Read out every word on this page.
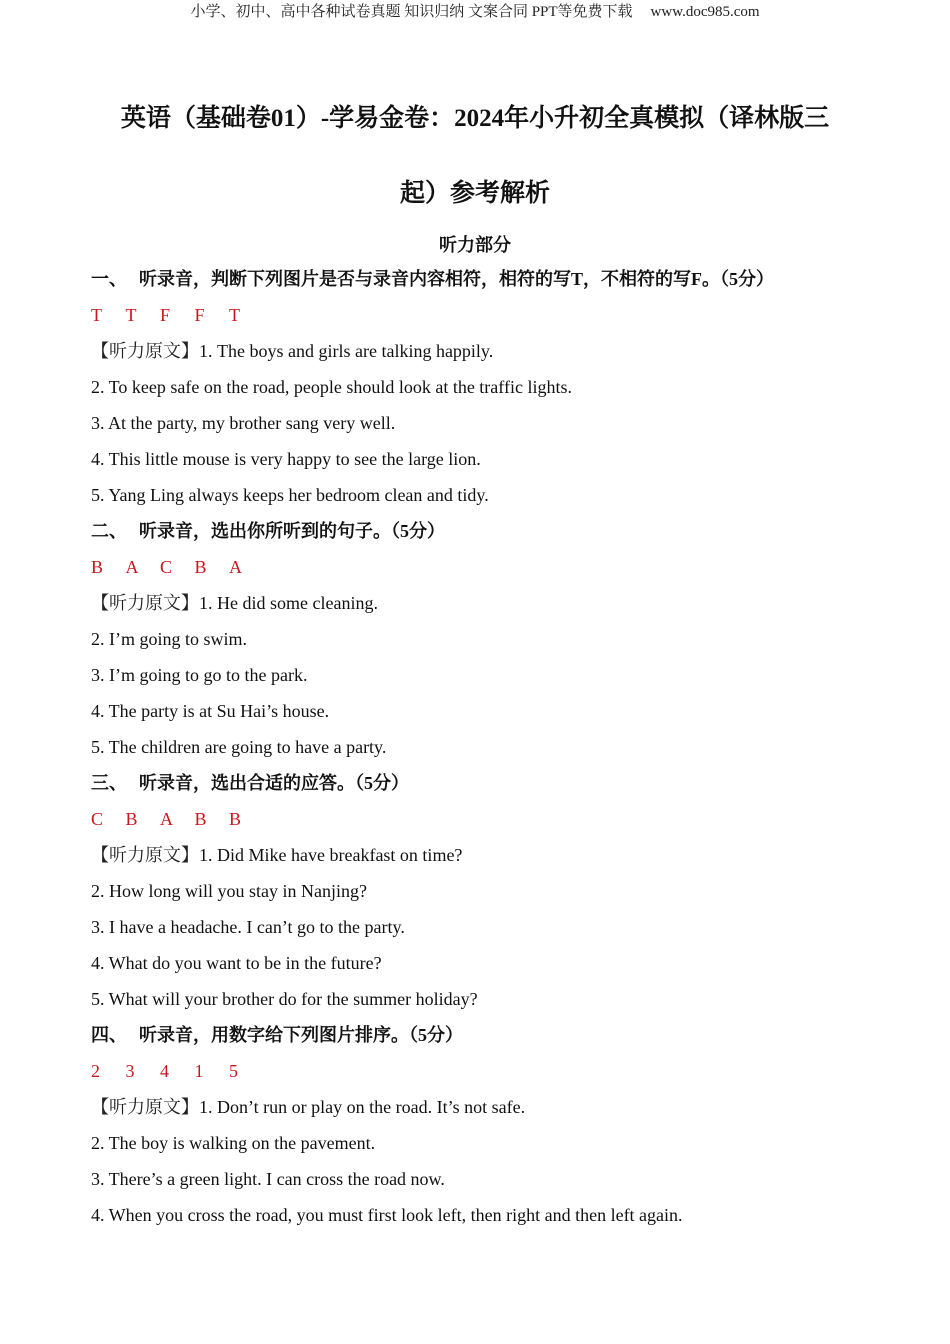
小学、初中、高中各种试卷真题 知识归纳 文案合同 PPT等免费下载 www.doc985.com
英语（基础卷01）-学易金卷：2024年小升初全真模拟（译林版三
起）参考解析
听力部分
一、 听录音，判断下列图片是否与录音内容相符，相符的写T，不相符的写F。（5分）
T T F F T
【听力原文】1. The boys and girls are talking happily.
2. To keep safe on the road, people should look at the traffic lights.
3. At the party, my brother sang very well.
4. This little mouse is very happy to see the large lion.
5. Yang Ling always keeps her bedroom clean and tidy.
二、 听录音，选出你所听到的句子。（5分）
B A C B A
【听力原文】1. He did some cleaning.
2. I’m going to swim.
3. I’m going to go to the park.
4. The party is at Su Hai’s house.
5. The children are going to have a party.
三、 听录音，选出合适的应答。（5分）
C B A B B
【听力原文】1. Did Mike have breakfast on time?
2. How long will you stay in Nanjing?
3. I have a headache. I can’t go to the party.
4. What do you want to be in the future?
5. What will your brother do for the summer holiday?
四、 听录音，用数字给下列图片排序。（5分）
2 3 4 1 5
【听力原文】1. Don’t run or play on the road. It’s not safe.
2. The boy is walking on the pavement.
3. There’s a green light. I can cross the road now.
4. When you cross the road, you must first look left, then right and then left again.
